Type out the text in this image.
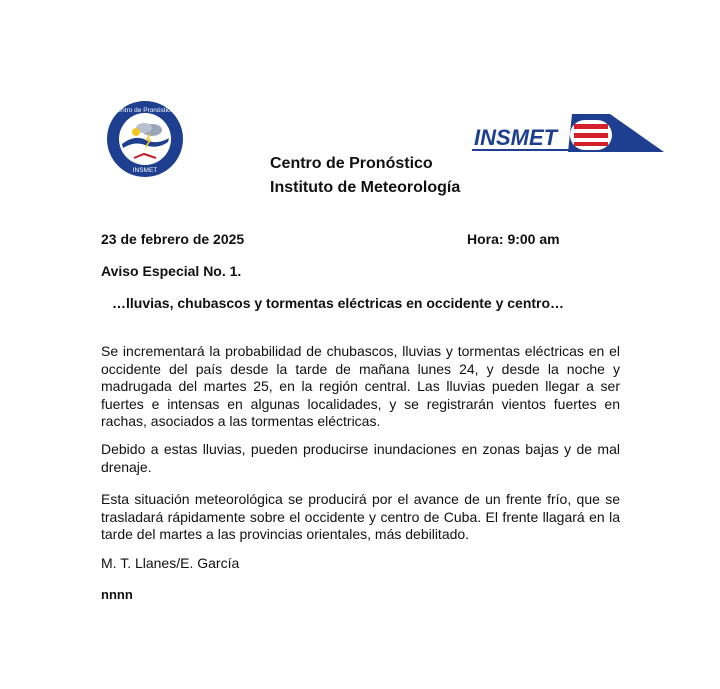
Centro de Pronósticos
INSMET
INSMET
Centro de Pronóstico
Instituto de Meteorología
23 de febrero de 2025	Hora: 9:00 am
Aviso Especial No. 1.
…lluvias, chubascos y tormentas eléctricas en occidente y centro…
Se incrementará la probabilidad de chubascos, lluvias y tormentas eléctricas en el occidente del país desde la tarde de mañana lunes 24, y desde la noche y madrugada del martes 25, en la región central. Las lluvias pueden llegar a ser fuertes e intensas en algunas localidades, y se registrarán vientos fuertes en rachas, asociados a las tormentas eléctricas.
Debido a estas lluvias, pueden producirse inundaciones en zonas bajas y de mal drenaje.
Esta situación meteorológica se producirá por el avance de un frente frío, que se trasladará rápidamente sobre el occidente y centro de Cuba. El frente llagará en la tarde del martes a las provincias orientales, más debilitado.
M. T. Llanes/E. García
nnnn
